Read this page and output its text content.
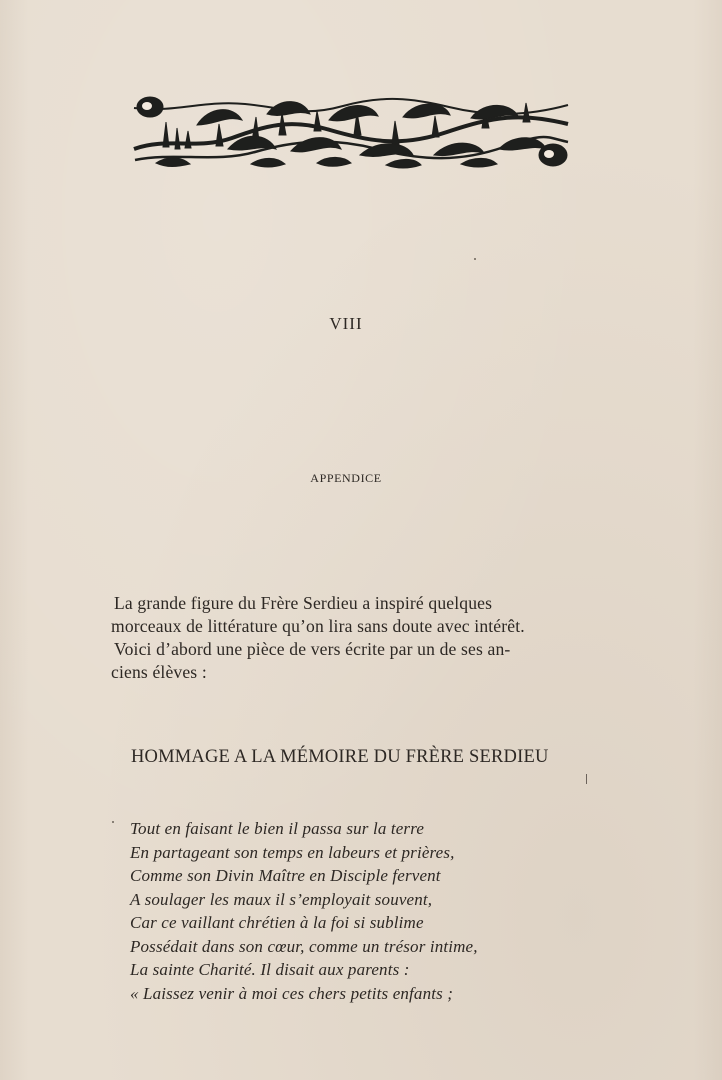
VIII
APPENDICE

La grande figure du Frère Serdieu a inspiré quelques
morceaux de littérature qu’on lira sans doute avec intérêt.

Voici d’abord une pièce de vers écrite par un de ses an-
ciens élèves :

HOMMAGE A LA MÉMOIRE DU FRÈRE SERDIEU
Tout en faisant le bien il passa sur la terre
En partageant son temps en labeurs et prières,
Comme son Divin Maître en Disciple fervent
A soulager les maux il s’employait souvent,
Car ce vaillant chrétien à la foi si sublime
Possédait dans son cœur, comme un trésor intime,
La sainte Charité. Il disait aux parents :
« Laissez venir à moi ces chers petits enfants ;
